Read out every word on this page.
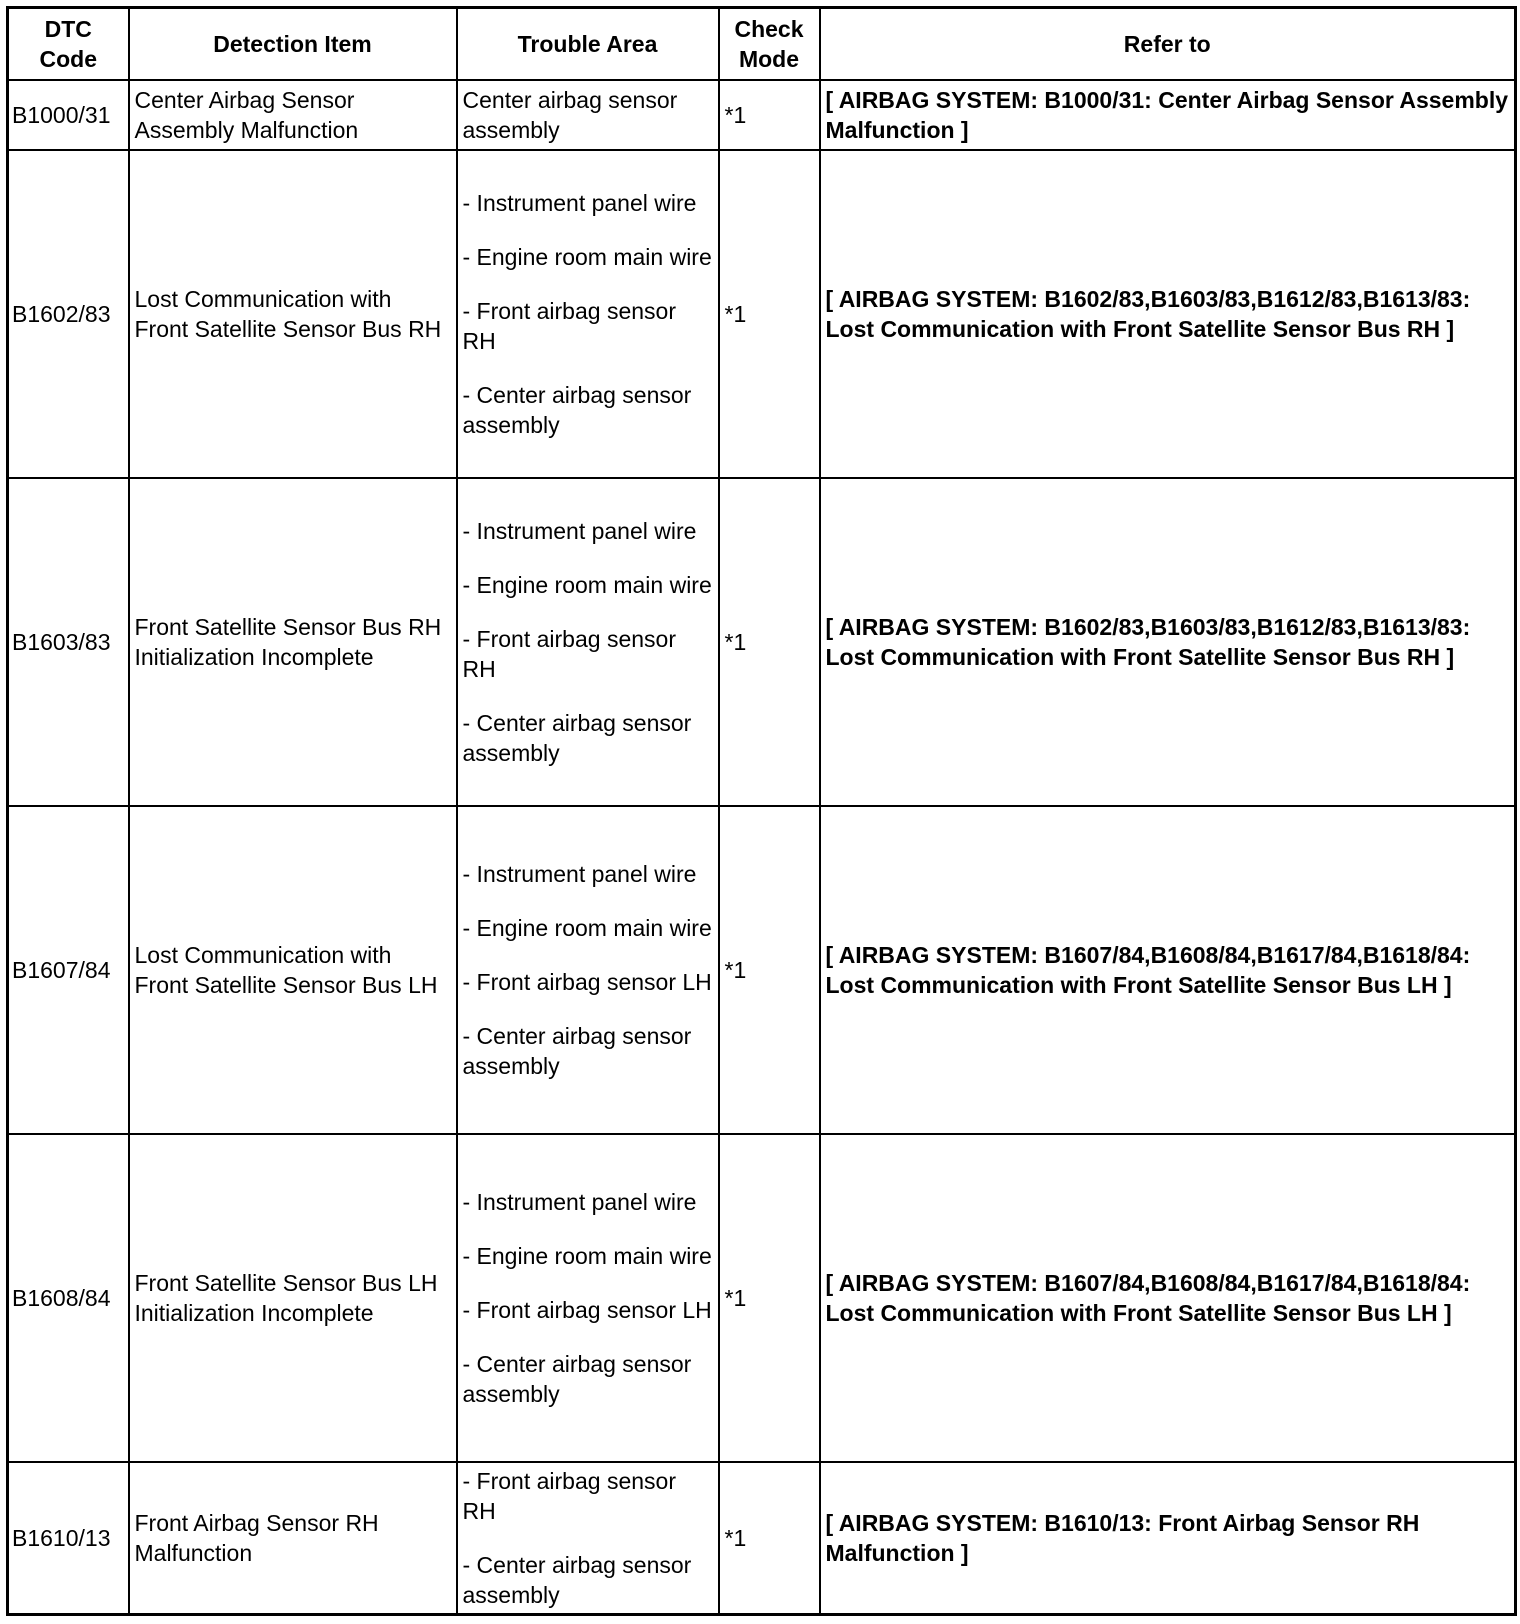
DTC Code	Detection Item	Trouble Area	Check Mode	Refer to
B1000/31	Center Airbag Sensor Assembly Malfunction	Center airbag sensor assembly	*1	[ AIRBAG SYSTEM: B1000/31: Center Airbag Sensor Assembly Malfunction ]
B1602/83	Lost Communication with Front Satellite Sensor Bus RH	- Instrument panel wire
- Engine room main wire
- Front airbag sensor RH
- Center airbag sensor assembly	*1	[ AIRBAG SYSTEM: B1602/83,B1603/83,B1612/83,B1613/83: Lost Communication with Front Satellite Sensor Bus RH ]
B1603/83	Front Satellite Sensor Bus RH Initialization Incomplete	- Instrument panel wire
- Engine room main wire
- Front airbag sensor RH
- Center airbag sensor assembly	*1	[ AIRBAG SYSTEM: B1602/83,B1603/83,B1612/83,B1613/83: Lost Communication with Front Satellite Sensor Bus RH ]
B1607/84	Lost Communication with Front Satellite Sensor Bus LH	- Instrument panel wire
- Engine room main wire
- Front airbag sensor LH
- Center airbag sensor assembly	*1	[ AIRBAG SYSTEM: B1607/84,B1608/84,B1617/84,B1618/84: Lost Communication with Front Satellite Sensor Bus LH ]
B1608/84	Front Satellite Sensor Bus LH Initialization Incomplete	- Instrument panel wire
- Engine room main wire
- Front airbag sensor LH
- Center airbag sensor assembly	*1	[ AIRBAG SYSTEM: B1607/84,B1608/84,B1617/84,B1618/84: Lost Communication with Front Satellite Sensor Bus LH ]
B1610/13	Front Airbag Sensor RH Malfunction	- Front airbag sensor RH
- Center airbag sensor assembly	*1	[ AIRBAG SYSTEM: B1610/13: Front Airbag Sensor RH Malfunction ]
